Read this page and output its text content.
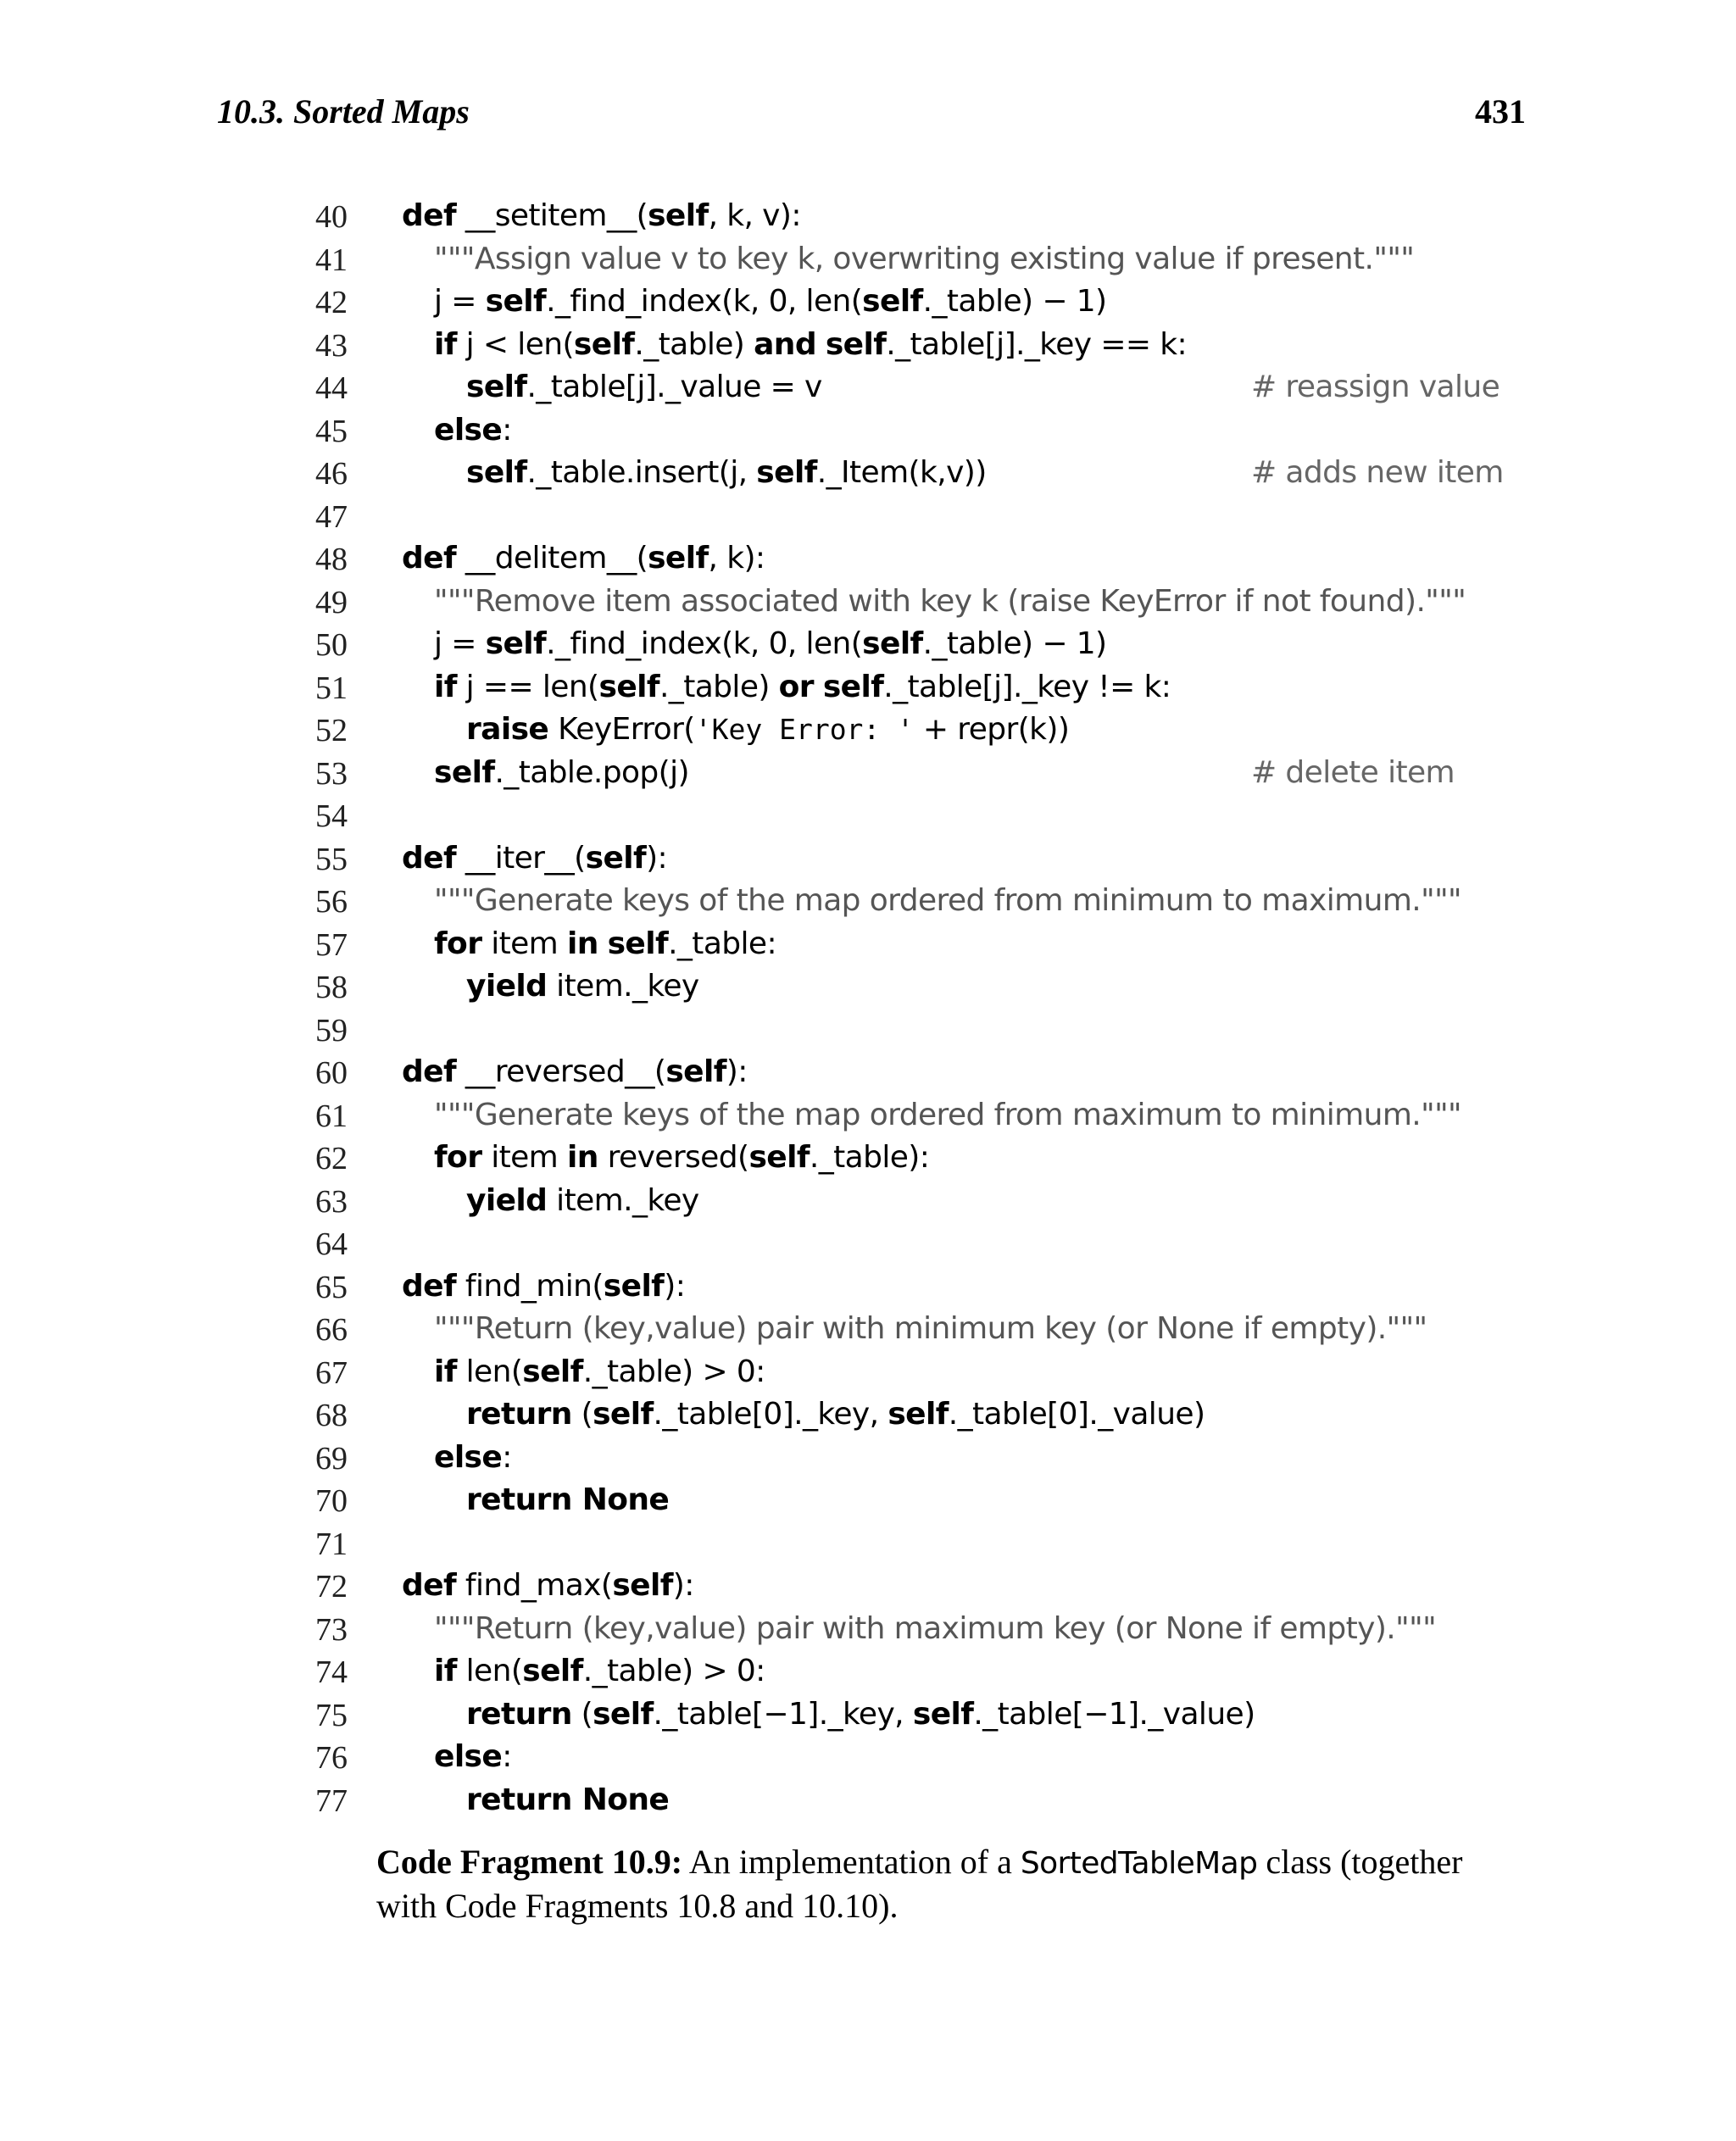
10.3. Sorted Maps	431
40 def __setitem__(self, k, v):
41	"""Assign value v to key k, overwriting existing value if present."""
42	j = self._find_index(k, 0, len(self._table) − 1)
43	if j < len(self._table) and self._table[j]._key == k:
44	self._table[j]._value = v	# reassign value
45	else:
46	self._table.insert(j, self._Item(k,v))	# adds new item
47
48 def __delitem__(self, k):
49	"""Remove item associated with key k (raise KeyError if not found)."""
50	j = self._find_index(k, 0, len(self._table) − 1)
51	if j == len(self._table) or self._table[j]._key != k:
52	raise KeyError('Key Error: ' + repr(k))
53	self._table.pop(j)	# delete item
54
55 def __iter__(self):
56	"""Generate keys of the map ordered from minimum to maximum."""
57	for item in self._table:
58	yield item._key
59
60 def __reversed__(self):
61	"""Generate keys of the map ordered from maximum to minimum."""
62	for item in reversed(self._table):
63	yield item._key
64
65 def find_min(self):
66	"""Return (key,value) pair with minimum key (or None if empty)."""
67	if len(self._table) > 0:
68	return (self._table[0]._key, self._table[0]._value)
69	else:
70	return None
71
72 def find_max(self):
73	"""Return (key,value) pair with maximum key (or None if empty)."""
74	if len(self._table) > 0:
75	return (self._table[−1]._key, self._table[−1]._value)
76	else:
77	return None
Code Fragment 10.9: An implementation of a SortedTableMap class (together with Code Fragments 10.8 and 10.10).
